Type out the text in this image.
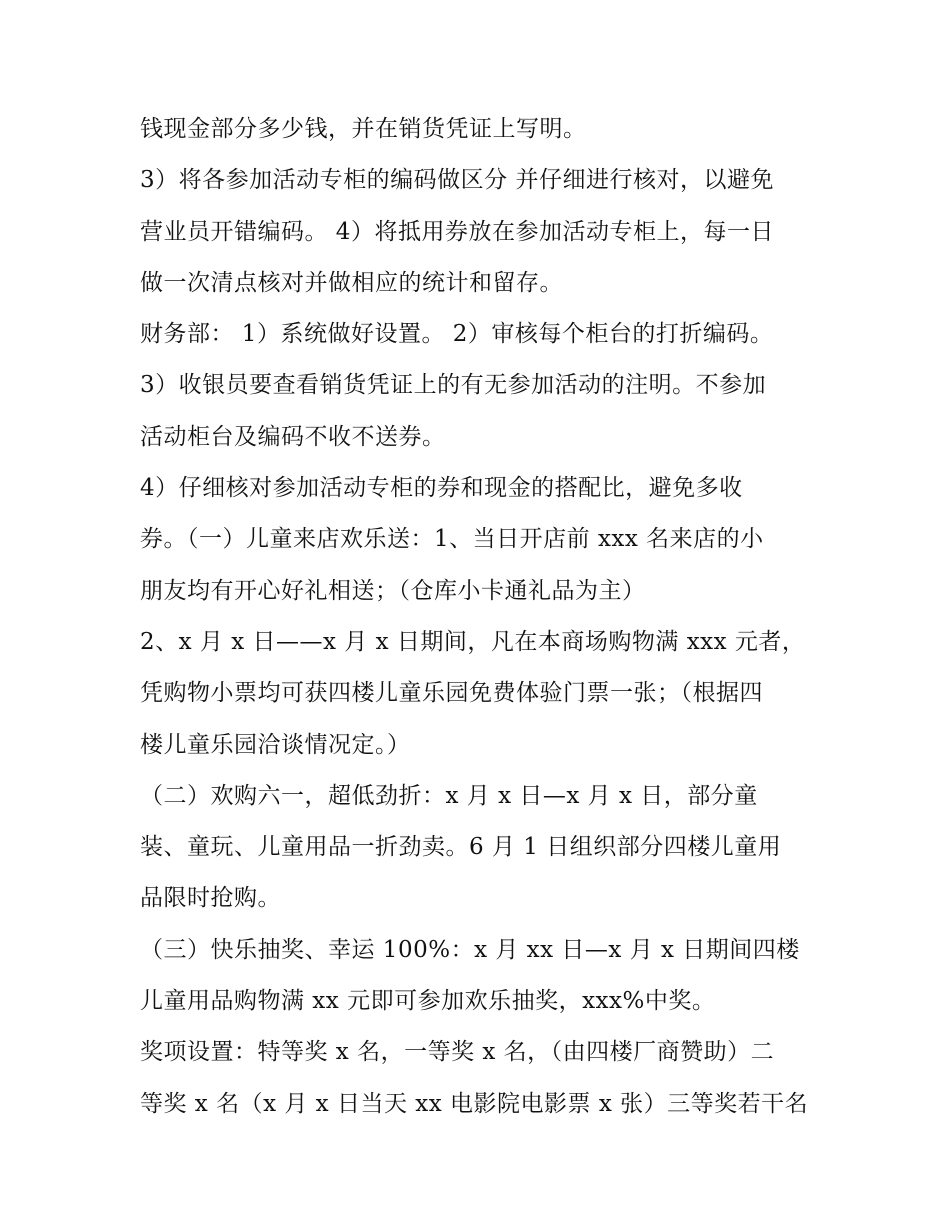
钱现金部分多少钱，并在销货凭证上写明。
3）将各参加活动专柜的编码做区分 并仔细进行核对，以避免
营业员开错编码。 4）将抵用券放在参加活动专柜上，每一日
做一次清点核对并做相应的统计和留存。
财务部： 1）系统做好设置。 2）审核每个柜台的打折编码。
3）收银员要查看销货凭证上的有无参加活动的注明。不参加
活动柜台及编码不收不送券。
4）仔细核对参加活动专柜的券和现金的搭配比，避免多收
券。（一）儿童来店欢乐送：1、当日开店前 xxx 名来店的小
朋友均有开心好礼相送；（仓库小卡通礼品为主）
2、x 月 x 日——x 月 x 日期间，凡在本商场购物满 xxx 元者，
凭购物小票均可获四楼儿童乐园免费体验门票一张；（根据四
楼儿童乐园洽谈情况定。）
（二）欢购六一，超低劲折：x 月 x 日—x 月 x 日，部分童
装、童玩、儿童用品一折劲卖。6 月 1 日组织部分四楼儿童用
品限时抢购。
（三）快乐抽奖、幸运 100%：x 月 xx 日—x 月 x 日期间四楼
儿童用品购物满 xx 元即可参加欢乐抽奖，xxx%中奖。
奖项设置：特等奖 x 名，一等奖 x 名，（由四楼厂商赞助）二
等奖 x 名（x 月 x 日当天 xx 电影院电影票 x 张）三等奖若干名
